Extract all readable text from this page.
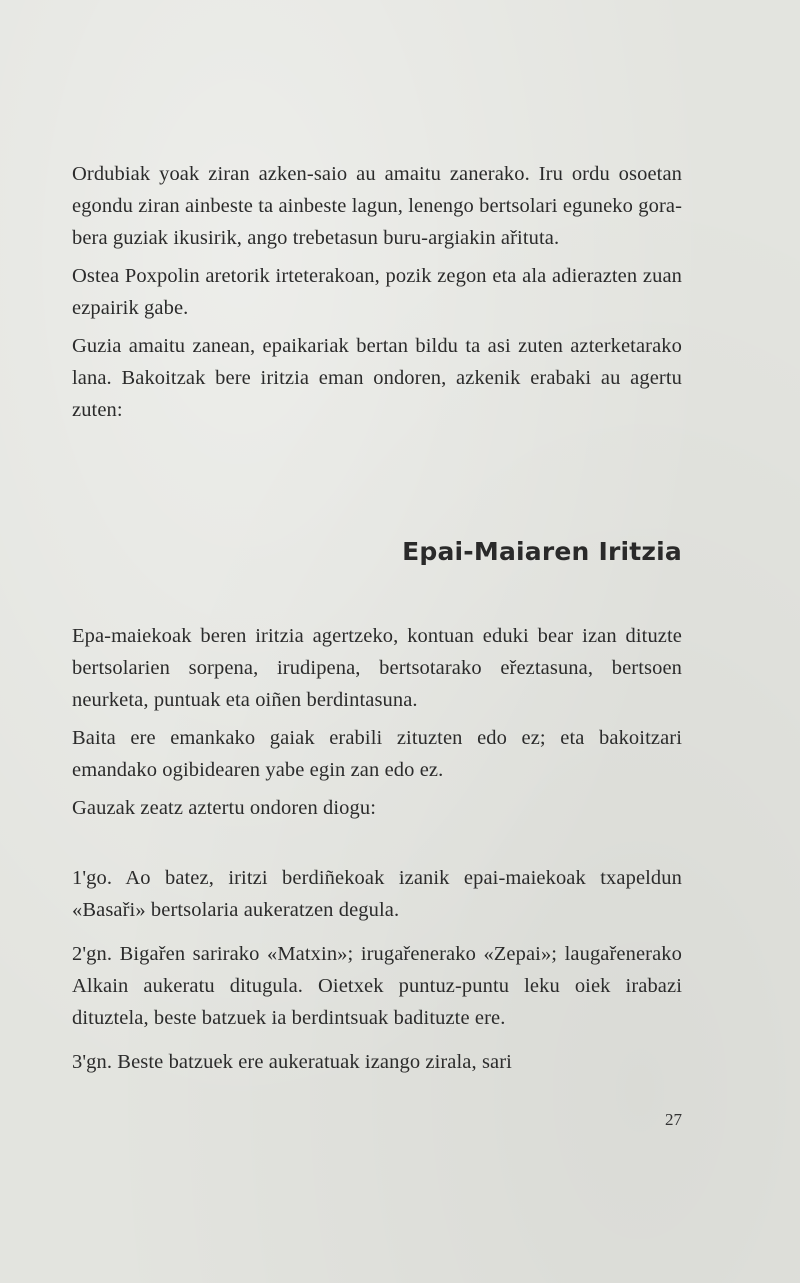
Ordubiak yoak ziran azken-saio au amaitu zanerako. Iru ordu osoetan egondu ziran ainbeste ta ainbeste lagun, lenengo bertsolari eguneko gora-bera guziak ikusirik, ango trebetasun buru-argiakin ařituta.

Ostea Poxpolin aretorik irteterakoan, pozik zegon eta ala adierazten zuan ezpairik gabe.

Guzia amaitu zanean, epaikariak bertan bildu ta asi zuten azterketarako lana. Bakoitzak bere iritzia eman ondoren, azkenik erabaki au agertu zuten:

Epai-Maiaren Iritzia

Epa-maiekoak beren iritzia agertzeko, kontuan eduki bear izan dituzte bertsolarien sorpena, irudipena, bertsotarako eřeztasuna, bertsoen neurketa, puntuak eta oiñen berdintasuna.

Baita ere emankako gaiak erabili zituzten edo ez; eta bakoitzari emandako ogibidearen yabe egin zan edo ez.

Gauzak zeatz aztertu ondoren diogu:

1'go. Ao batez, iritzi berdiñekoak izanik epai-maiekoak txapeldun «Basaři» bertsolaria aukeratzen degula.

2'gn. Bigařen sarirako «Matxin»; irugařenerako «Zepai»; laugařenerako Alkain aukeratu ditugula. Oietxek puntuz-puntu leku oiek irabazi dituztela, beste batzuek ia berdintsuak badituzte ere.

3'gn. Beste batzuek ere aukeratuak izango zirala, sari

27
